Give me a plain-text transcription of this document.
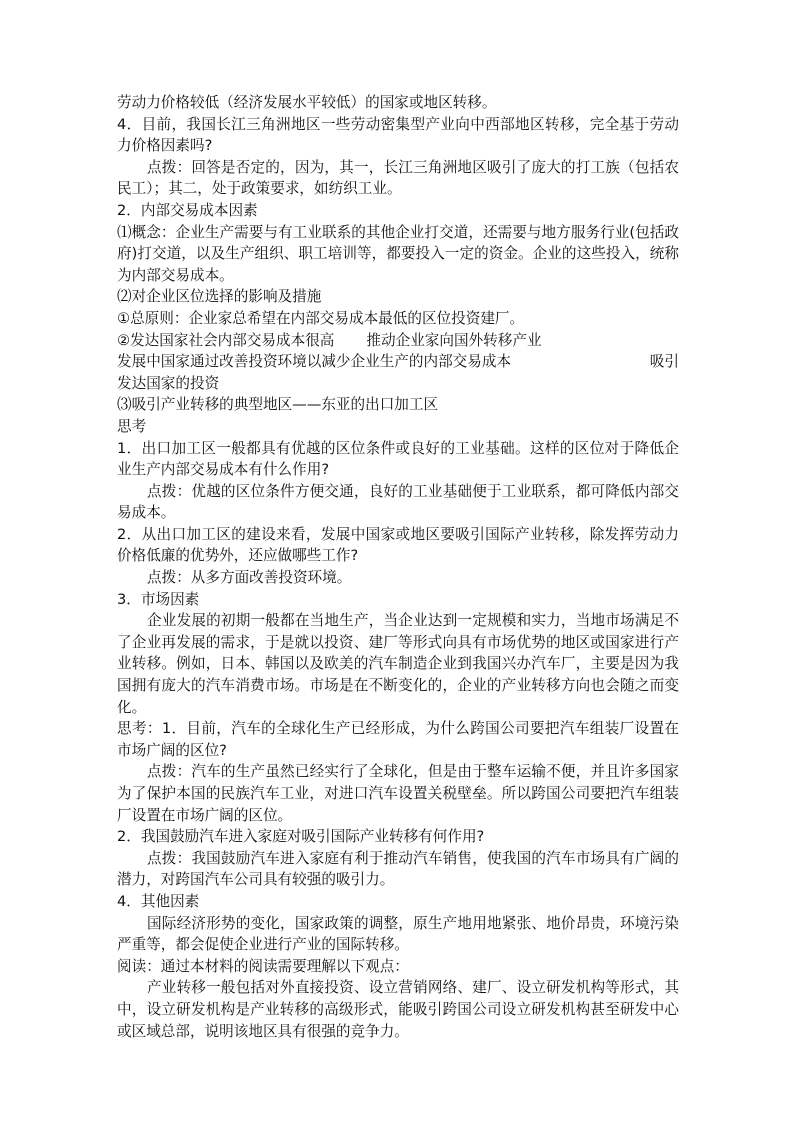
劳动力价格较低（经济发展水平较低）的国家或地区转移。

4．目前，我国长江三角洲地区一些劳动密集型产业向中西部地区转移，完全基于劳动力价格因素吗?

点拨：回答是否定的，因为，其一，长江三角洲地区吸引了庞大的打工族（包括农民工）；其二，处于政策要求，如纺织工业。

2．内部交易成本因素

⑴概念：企业生产需要与有工业联系的其他企业打交道，还需要与地方服务行业(包括政府)打交道，以及生产组织、职工培训等，都要投入一定的资金。企业的这些投入，统称为内部交易成本。

⑵对企业区位选择的影响及措施

①总原则：企业家总希望在内部交易成本最低的区位投资建厂。

②发达国家社会内部交易成本很高 推动企业家向国外转移产业
发展中国家通过改善投资环境以减少企业生产的内部交易成本	吸引

发达国家的投资

⑶吸引产业转移的典型地区——东亚的出口加工区

思考

1．出口加工区一般都具有优越的区位条件或良好的工业基础。这样的区位对于降低企业生产内部交易成本有什么作用?

点拨：优越的区位条件方便交通，良好的工业基础便于工业联系，都可降低内部交易成本。

2．从出口加工区的建设来看，发展中国家或地区要吸引国际产业转移，除发挥劳动力价格低廉的优势外，还应做哪些工作?

点拨：从多方面改善投资环境。

3．市场因素

企业发展的初期一般都在当地生产，当企业达到一定规模和实力，当地市场满足不了企业再发展的需求，于是就以投资、建厂等形式向具有市场优势的地区或国家进行产业转移。例如，日本、韩国以及欧美的汽车制造企业到我国兴办汽车厂，主要是因为我国拥有庞大的汽车消费市场。市场是在不断变化的，企业的产业转移方向也会随之而变化。

思考：1．目前，汽车的全球化生产已经形成，为什么跨国公司要把汽车组装厂设置在市场广阔的区位?

点拨：汽车的生产虽然已经实行了全球化，但是由于整车运输不便，并且许多国家为了保护本国的民族汽车工业，对进口汽车设置关税壁垒。所以跨国公司要把汽车组装厂设置在市场广阔的区位。

2．我国鼓励汽车进入家庭对吸引国际产业转移有何作用?

点拨：我国鼓励汽车进入家庭有利于推动汽车销售，使我国的汽车市场具有广阔的潜力，对跨国汽车公司具有较强的吸引力。

4．其他因素

国际经济形势的变化，国家政策的调整，原生产地用地紧张、地价昂贵，环境污染严重等，都会促使企业进行产业的国际转移。

阅读：通过本材料的阅读需要理解以下观点：

产业转移一般包括对外直接投资、设立营销网络、建厂、设立研发机构等形式，其中，设立研发机构是产业转移的高级形式，能吸引跨国公司设立研发机构甚至研发中心或区域总部，说明该地区具有很强的竞争力。
